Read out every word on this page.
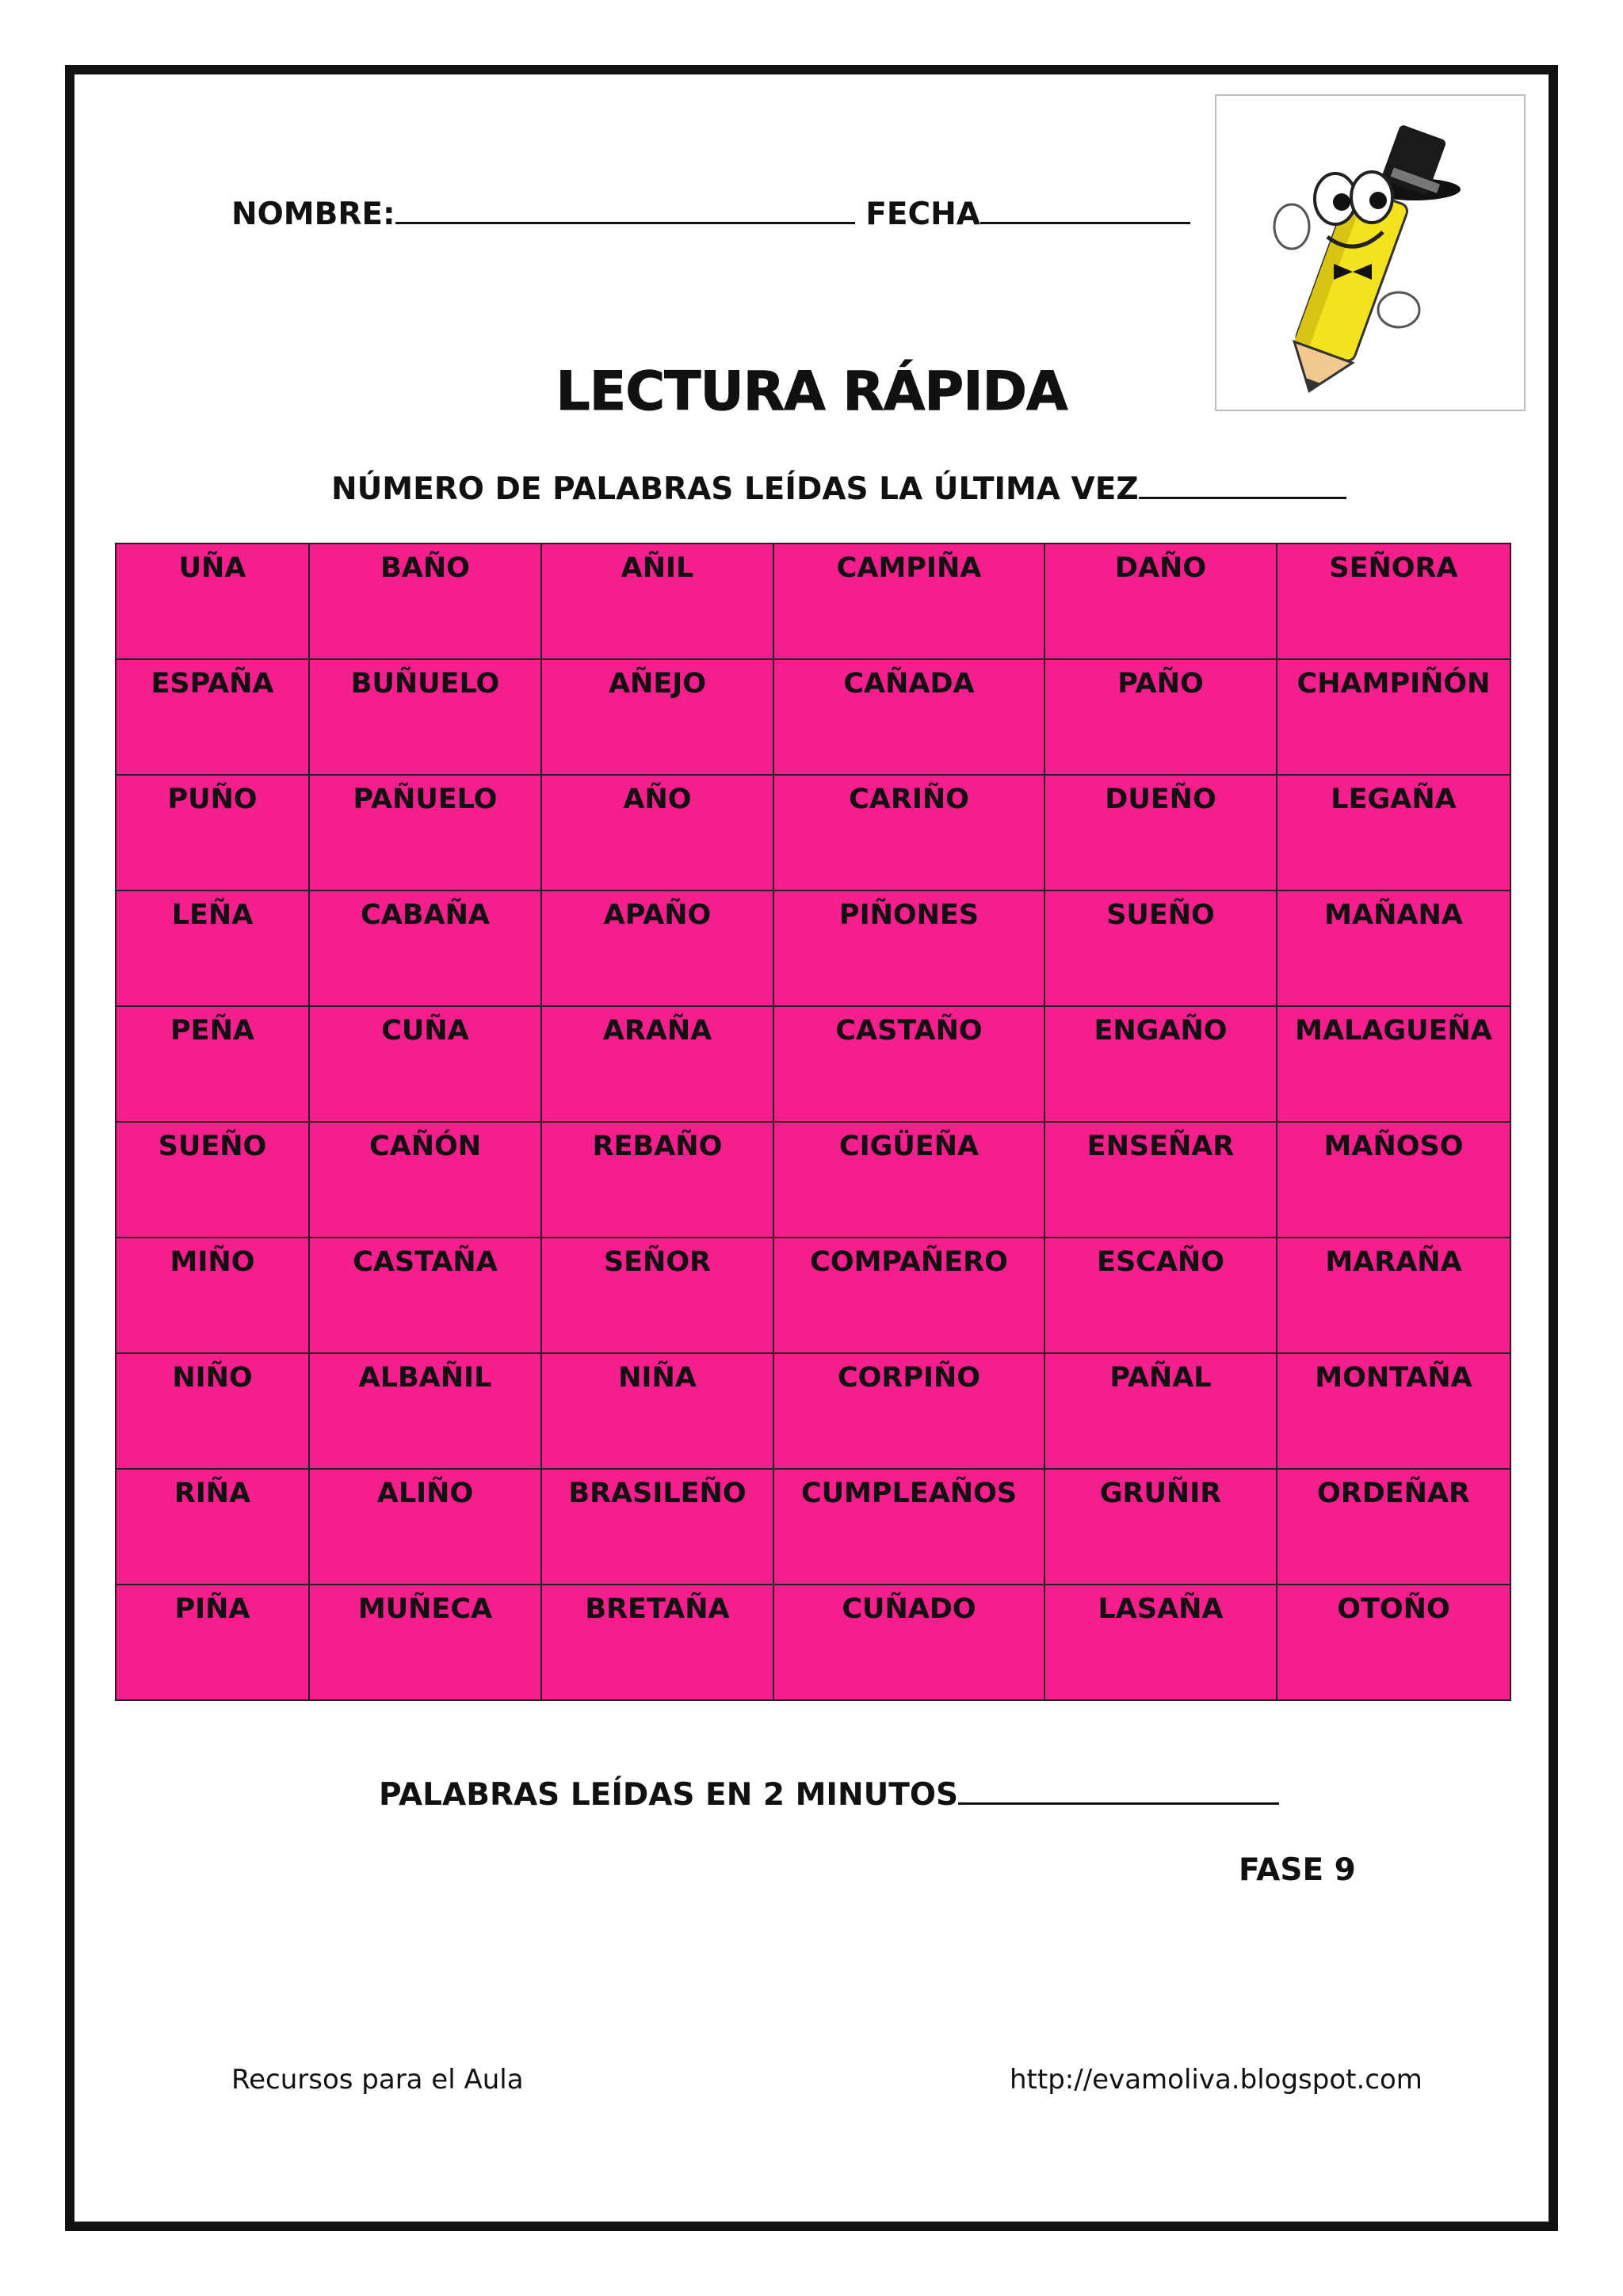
NOMBRE:	FECHA
LECTURA RÁPIDA
NÚMERO DE PALABRAS LEÍDAS LA ÚLTIMA VEZ
UÑA	BAÑO	AÑIL	CAMPIÑA	DAÑO	SEÑORA
ESPAÑA	BUÑUELO	AÑEJO	CAÑADA	PAÑO	CHAMPIÑÓN
PUÑO	PAÑUELO	AÑO	CARIÑO	DUEÑO	LEGAÑA
LEÑA	CABAÑA	APAÑO	PIÑONES	SUEÑO	MAÑANA
PEÑA	CUÑA	ARAÑA	CASTAÑO	ENGAÑO	MALAGUEÑA
SUEÑO	CAÑÓN	REBAÑO	CIGÜEÑA	ENSEÑAR	MAÑOSO
MIÑO	CASTAÑA	SEÑOR	COMPAÑERO	ESCAÑO	MARAÑA
NIÑO	ALBAÑIL	NIÑA	CORPIÑO	PAÑAL	MONTAÑA
RIÑA	ALIÑO	BRASILEÑO	CUMPLEAÑOS	GRUÑIR	ORDEÑAR
PIÑA	MUÑECA	BRETAÑA	CUÑADO	LASAÑA	OTOÑO
PALABRAS LEÍDAS EN 2 MINUTOS
FASE 9
Recursos para el Aula	http://evamoliva.blogspot.com
